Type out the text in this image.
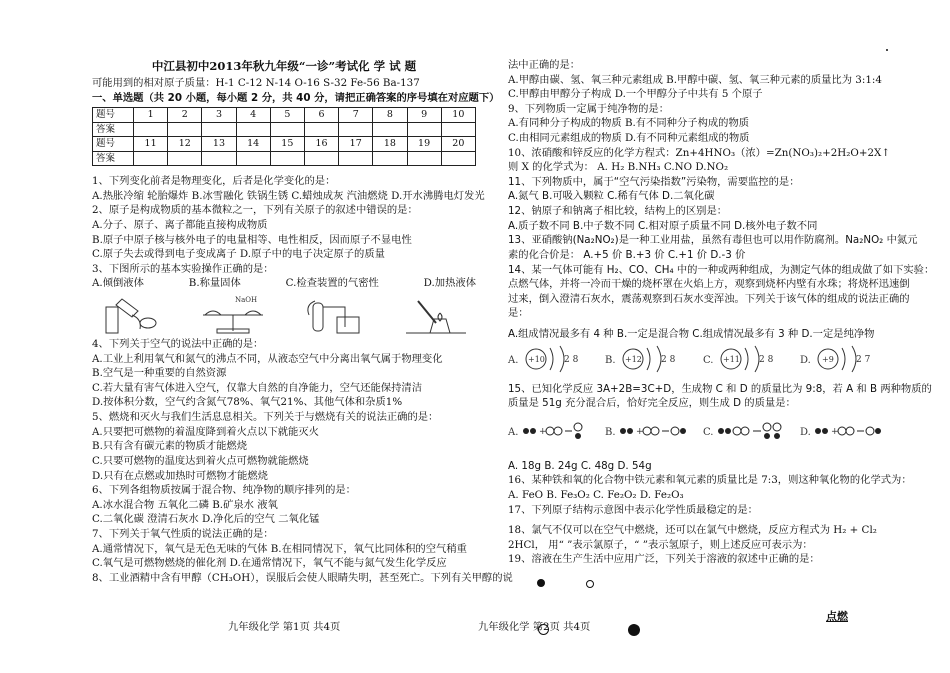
中江县初中2013年秋九年级“一诊”考试化 学 试 题
可能用到的相对原子质量：H-1 C-12 N-14 O-16 S-32 Fe-56 Ba-137
一、单选题（共 20 小题，每小题 2 分，共 40 分，请把正确答案的序号填在对应题下）
题号	1	2	3	4	5	6	7	8	9	10
答案										
题号	11	12	13	14	15	16	17	18	19	20
答案										
1、下列变化前者是物理变化，后者是化学变化的是：
A.热胀冷缩 轮胎爆炸 B.冰雪融化 铁锅生锈 C.蜡烛成灰 汽油燃烧 D.开水沸腾电灯发光
2、原子是构成物质的基本微粒之一，下列有关原子的叙述中错误的是：
A.分子、原子、离子都能直接构成物质
B.原子中原子核与核外电子的电量相等、电性相反，因而原子不显电性
C.原子失去或得到电子变成离子 D.原子中的电子决定原子的质量
3、下图所示的基本实验操作正确的是：
A.倾倒液体	B.称量固体	C.检查装置的气密性	D.加热液体
NaOH
4、下列关于空气的说法中正确的是：
A.工业上利用氧气和氮气的沸点不同，从液态空气中分离出氧气属于物理变化
B.空气是一种重要的自然资源
C.若大量有害气体进入空气，仅靠大自然的自净能力，空气还能保持清洁
D.按体积分数，空气约含氮气78%、氧气21%、其他气体和杂质1%
5、燃烧和灭火与我们生活息息相关。下列关于与燃烧有关的说法正确的是：
A.只要把可燃物的着温度降到着火点以下就能灭火
B.只有含有碳元素的物质才能燃烧
C.只要可燃物的温度达到着火点可燃物就能燃烧
D.只有在点燃或加热时可燃物才能燃烧
6、下列各组物质按属于混合物、纯净物的顺序排列的是：
A.冰水混合物 五氧化二磷 B.矿泉水 液氧
C.二氧化碳 澄清石灰水 D.净化后的空气 二氧化锰
7、下列关于氧气性质的说法正确的是：
A.通常情况下，氧气是无色无味的气体 B.在相同情况下，氧气比同体积的空气稍重
C.氧气是可燃物燃烧的催化剂 D.在通常情况下，氧气不能与氮气发生化学反应
8、工业酒精中含有甲醇（CH₃OH），误服后会使人眼睛失明，甚至死亡。下列有关甲醇的说
法中正确的是：
A.甲醇由碳、氢、氧三种元素组成 B.甲醇中碳、氢、氧三种元素的质量比为 3:1:4
C.甲醇由甲醇分子构成 D.一个甲醇分子中共有 5 个原子
9、下列物质一定属于纯净物的是：
A.有同种分子构成的物质 B.有不同种分子构成的物质
C.由相同元素组成的物质 D.有不同种元素组成的物质
10、浓硝酸和锌反应的化学方程式：Zn+4HNO₃（浓）=Zn(NO₃)₂+2H₂O+2X↑
则 X 的化学式为： A. H₂ B.NH₃ C.NO D.NO₂
11、下列物质中，属于“空气污染指数”污染物，需要监控的是：
A.氮气 B.可吸入颗粒 C.稀有气体 D.二氧化碳
12、钠原子和钠离子相比较，结构上的区别是：
A.质子数不同 B.中子数不同 C.相对原子质量不同 D.核外电子数不同
13、亚硝酸钠(Na₂NO₂)是一种工业用盐，虽然有毒但也可以用作防腐剂。Na₂NO₂ 中氮元
素的化合价是： A.+5 价 B.+3 价 C.+1 价 D.-3 价
14、某一气体可能有 H₂、CO、CH₄ 中的一种或两种组成，为测定气体的组成做了如下实验：
点燃气体，并将一冷而干燥的烧杯罩在火焰上方，观察到烧杯内壁有水珠；将烧杯迅速倒
过来，倒入澄清石灰水，震荡观察到石灰水变浑浊。下列关于该气体的组成的说法正确的
是：
A.组成情况最多有 4 种 B.一定是混合物 C.组成情况最多有 3 种 D.一定是纯净物
A. +10 2 8	B. +12 2 8	C. +11 2 8	D. +9 2 7
15、已知化学反应 3A+2B=3C+D，生成物 C 和 D 的质量比为 9:8，若 A 和 B 两种物质的
质量是 51g 充分混合后，恰好完全反应，则生成 D 的质量是：
A. +	B. +	C.	D. +
A. 18g B. 24g C. 48g D. 54g
16、某种铁和氧的化合物中铁元素和氧元素的质量比是 7:3，则这种氧化物的化学式为：
A. FeO B. Fe₃O₂ C. Fe₂O₂ D. Fe₂O₃
17、下列原子结构示意图中表示化学性质最稳定的是：
18、氯气不仅可以在空气中燃烧，还可以在氯气中燃烧，反应方程式为 H₂ + Cl₂
2HCl， 用“ ”表示氯原子，“ ”表示氢原子，则上述反应可表示为：
19、溶液在生产生活中应用广泛，下列关于溶液的叙述中正确的是：
点燃
九年级化学 第1页 共4页	九年级化学 第2页 共4页
